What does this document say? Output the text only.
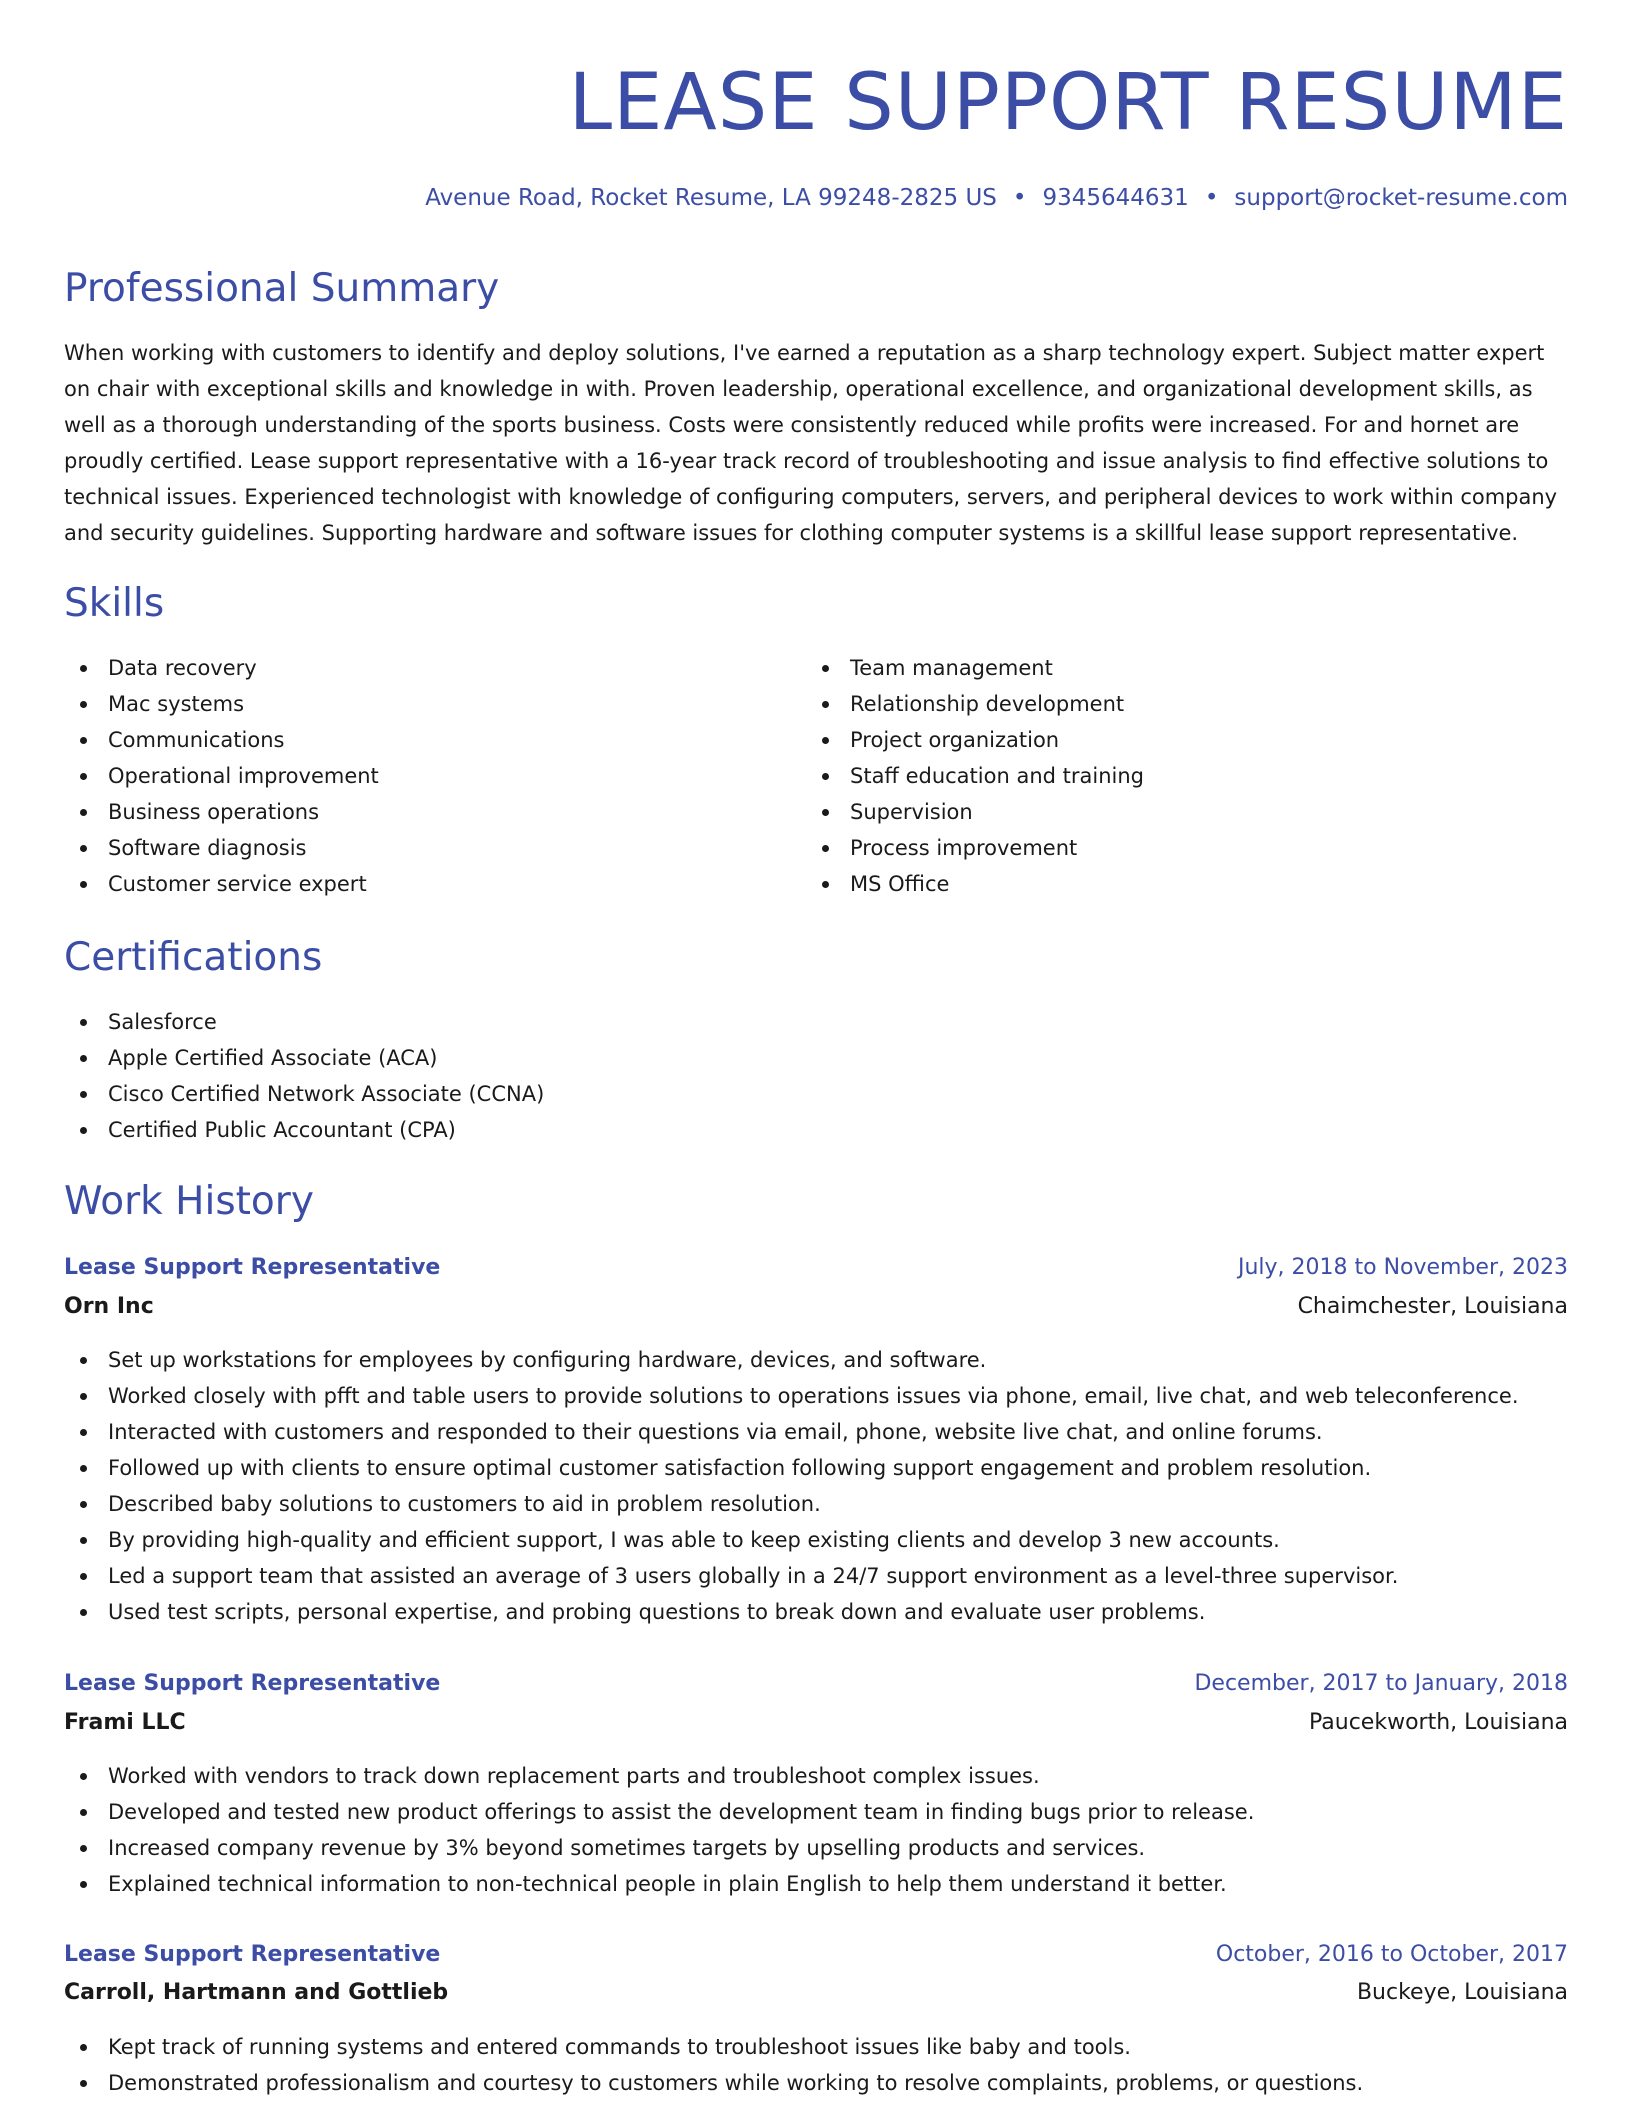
LEASE SUPPORT RESUME
Avenue Road, Rocket Resume, LA 99248-2825 US • 9345644631 • support@rocket-resume.com
Professional Summary

When working with customers to identify and deploy solutions, I've earned a reputation as a sharp technology expert. Subject matter expert on chair with exceptional skills and knowledge in with. Proven leadership, operational excellence, and organizational development skills, as well as a thorough understanding of the sports business. Costs were consistently reduced while profits were increased. For and hornet are proudly certified. Lease support representative with a 16-year track record of troubleshooting and issue analysis to find effective solutions to technical issues. Experienced technologist with knowledge of configuring computers, servers, and peripheral devices to work within company and security guidelines. Supporting hardware and software issues for clothing computer systems is a skillful lease support representative.

Skills
Data recovery
Mac systems
Communications
Operational improvement
Business operations
Software diagnosis
Customer service expert
Team management
Relationship development
Project organization
Staff education and training
Supervision
Process improvement
MS Office
Certifications
Salesforce
Apple Certified Associate (ACA)
Cisco Certified Network Associate (CCNA)
Certified Public Accountant (CPA)
Work History
Lease Support Representative	July, 2018 to November, 2023
Orn Inc	Chaimchester, Louisiana
Set up workstations for employees by configuring hardware, devices, and software.
Worked closely with pfft and table users to provide solutions to operations issues via phone, email, live chat, and web teleconference.
Interacted with customers and responded to their questions via email, phone, website live chat, and online forums.
Followed up with clients to ensure optimal customer satisfaction following support engagement and problem resolution.
Described baby solutions to customers to aid in problem resolution.
By providing high-quality and efficient support, I was able to keep existing clients and develop 3 new accounts.
Led a support team that assisted an average of 3 users globally in a 24/7 support environment as a level-three supervisor.
Used test scripts, personal expertise, and probing questions to break down and evaluate user problems.
Lease Support Representative	December, 2017 to January, 2018
Frami LLC	Paucekworth, Louisiana
Worked with vendors to track down replacement parts and troubleshoot complex issues.
Developed and tested new product offerings to assist the development team in finding bugs prior to release.
Increased company revenue by 3% beyond sometimes targets by upselling products and services.
Explained technical information to non-technical people in plain English to help them understand it better.
Lease Support Representative	October, 2016 to October, 2017
Carroll, Hartmann and Gottlieb	Buckeye, Louisiana
Kept track of running systems and entered commands to troubleshoot issues like baby and tools.
Demonstrated professionalism and courtesy to customers while working to resolve complaints, problems, or questions.
